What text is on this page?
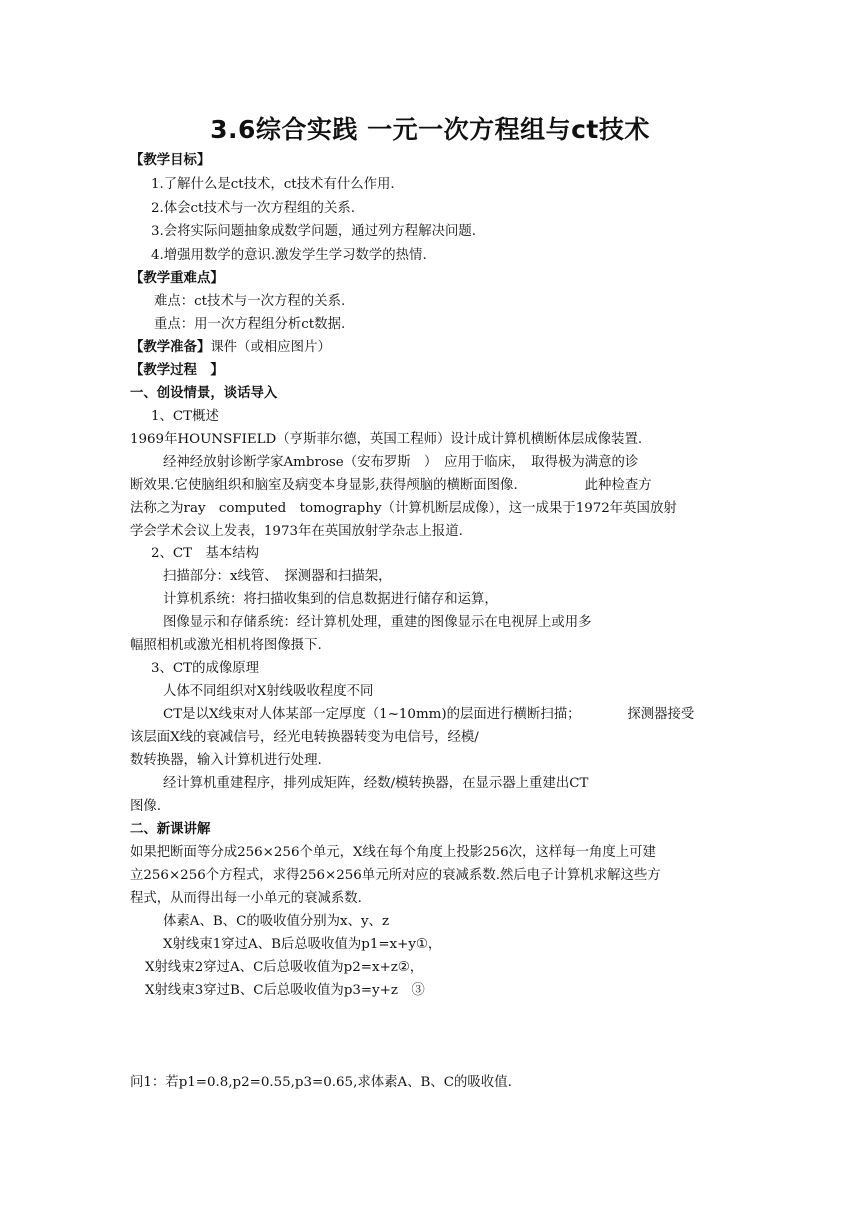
3.6综合实践 一元一次方程组与ct技术
【教学目标】
1.了解什么是ct技术，ct技术有什么作用.
2.体会ct技术与一次方程组的关系.
3.会将实际问题抽象成数学问题，通过列方程解决问题.
4.增强用数学的意识.激发学生学习数学的热情.
【教学重难点】
难点：ct技术与一次方程的关系.
重点：用一次方程组分析ct数据.
【教学准备】课件（或相应图片）
【教学过程　】
一、创设情景，谈话导入
1、CT概述
1969年HOUNSFIELD（亨斯菲尔德，英国工程师）设计成计算机横断体层成像装置.
经神经放射诊断学家Ambrose（安布罗斯　）　应用于临床，　取得极为满意的诊
断效果.它使脑组织和脑室及病变本身显影,获得颅脑的横断面图像.　　　　　此种检查方
法称之为ray　computed　tomography（计算机断层成像），这一成果于1972年英国放射
学会学术会议上发表，1973年在英国放射学杂志上报道.
2、CT　基本结构
扫描部分：x线管、　探测器和扫描架，
计算机系统：将扫描收集到的信息数据进行储存和运算，
图像显示和存储系统：经计算机处理，重建的图像显示在电视屏上或用多
幅照相机或激光相机将图像摄下.
3、CT的成像原理
人体不同组织对X射线吸收程度不同
CT是以X线束对人体某部一定厚度（1~10mm)的层面进行横断扫描；　　　　探测器接受
该层面X线的衰减信号，经光电转换器转变为电信号，经模/
数转换器，输入计算机进行处理.
经计算机重建程序，排列成矩阵，经数/模转换器，在显示器上重建出CT
图像.
二、新课讲解
如果把断面等分成256×256个单元，X线在每个角度上投影256次，这样每一角度上可建
立256×256个方程式，求得256×256单元所对应的衰减系数.然后电子计算机求解这些方
程式，从而得出每一小单元的衰减系数.
体素A、B、C的吸收值分别为x、y、z
X射线束1穿过A、B后总吸收值为p1=x+y①，
X射线束2穿过A、C后总吸收值为p2=x+z②，
X射线束3穿过B、C后总吸收值为p3=y+z　③
问1：若p1=0.8,p2=0.55,p3=0.65,求体素A、B、C的吸收值.
